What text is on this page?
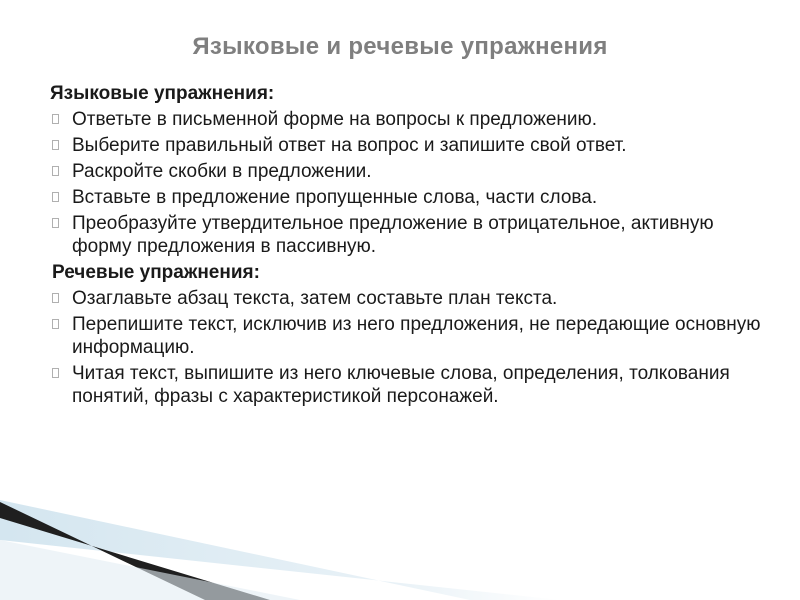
Языковые и речевые упражнения
Языковые упражнения:
Ответьте в письменной форме на вопросы к предложению.
Выберите правильный ответ на вопрос и запишите свой ответ.
Раскройте скобки в предложении.
Вставьте в предложение пропущенные слова, части слова.
Преобразуйте утвердительное предложение в отрицательное, активную форму предложения в пассивную.
Речевые упражнения:
Озаглавьте абзац текста, затем составьте план текста.
Перепишите текст, исключив из него предложения, не передающие основную информацию.
Читая текст, выпишите из него ключевые слова, определения, толкования понятий, фразы с характеристикой персонажей.
